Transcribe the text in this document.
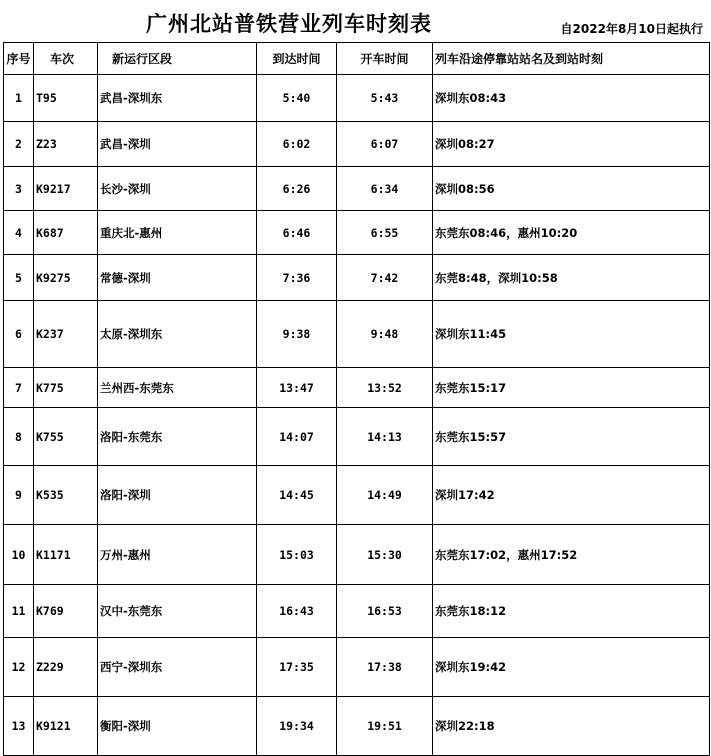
广州北站普铁营业列车时刻表	自2022年8月10日起执行
序号	车次	新运行区段	到达时间	开车时间	列车沿途停靠站站名及到站时刻
1	T95	武昌-深圳东	5:40	5:43	深圳东08:43
2	Z23	武昌-深圳	6:02	6:07	深圳08:27
3	K9217	长沙-深圳	6:26	6:34	深圳08:56
4	K687	重庆北-惠州	6:46	6:55	东莞东08:46，惠州10:20
5	K9275	常德-深圳	7:36	7:42	东莞8:48，深圳10:58
6	K237	太原-深圳东	9:38	9:48	深圳东11:45
7	K775	兰州西-东莞东	13:47	13:52	东莞东15:17
8	K755	洛阳-东莞东	14:07	14:13	东莞东15:57
9	K535	洛阳-深圳	14:45	14:49	深圳17:42
10	K1171	万州-惠州	15:03	15:30	东莞东17:02，惠州17:52
11	K769	汉中-东莞东	16:43	16:53	东莞东18:12
12	Z229	西宁-深圳东	17:35	17:38	深圳东19:42
13	K9121	衡阳-深圳	19:34	19:51	深圳22:18
